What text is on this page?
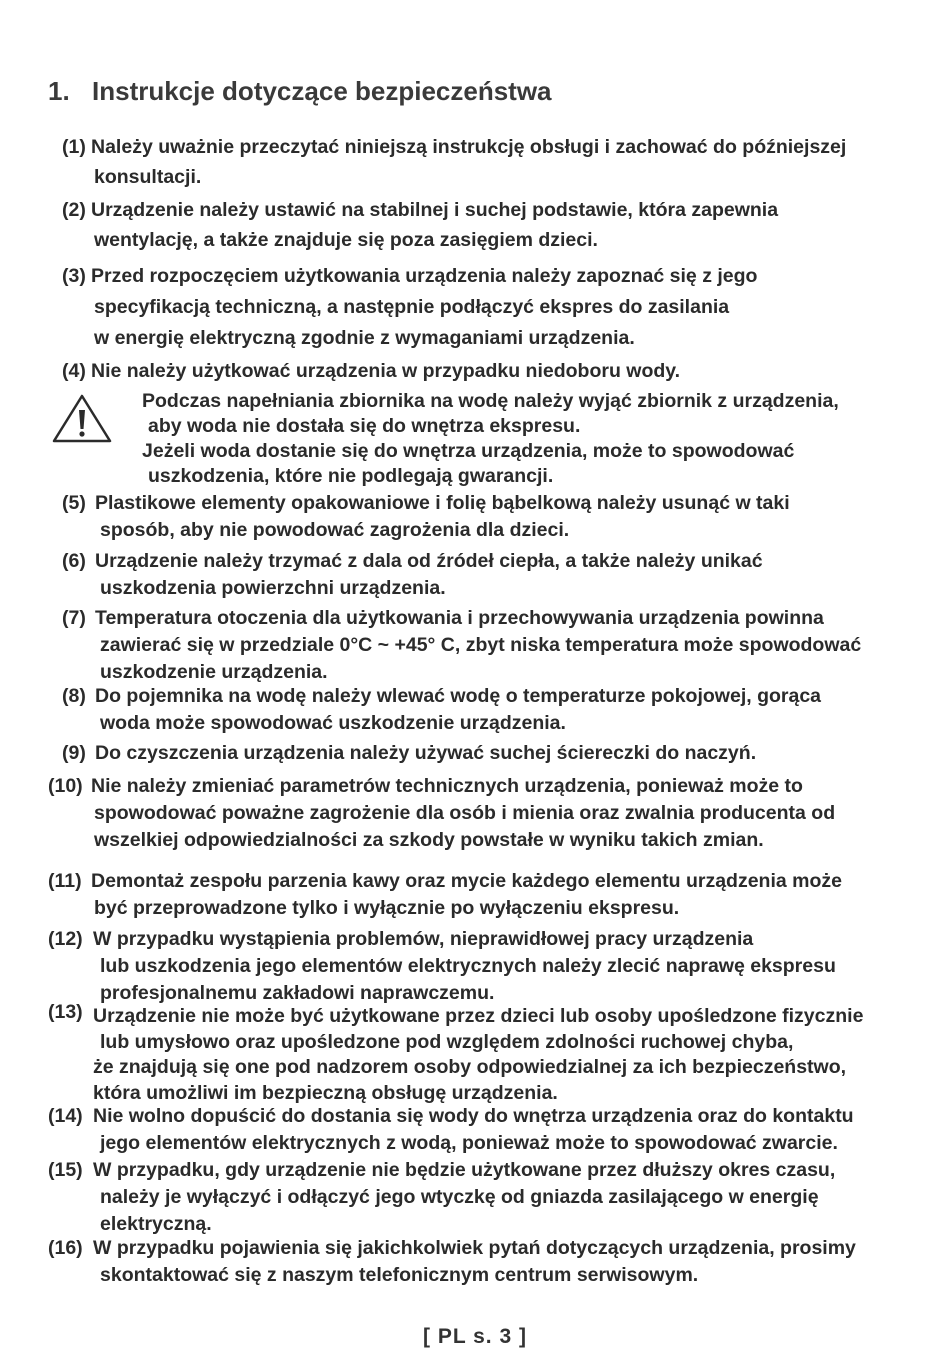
1. Instrukcje dotyczące bezpieczeństwa
(1) Należy uważnie przeczytać niniejszą instrukcję obsługi i zachować do późniejszej
konsultacji.
(2) Urządzenie należy ustawić na stabilnej i suchej podstawie, która zapewnia
wentylację, a także znajduje się poza zasięgiem dzieci.
(3) Przed rozpoczęciem użytkowania urządzenia należy zapoznać się z jego
specyfikacją techniczną, a następnie podłączyć ekspres do zasilania
w energię elektryczną zgodnie z wymaganiami urządzenia.
(4) Nie należy użytkować urządzenia w przypadku niedoboru wody.
Podczas napełniania zbiornika na wodę należy wyjąć zbiornik z urządzenia,
aby woda nie dostała się do wnętrza ekspresu.
Jeżeli woda dostanie się do wnętrza urządzenia, może to spowodować
uszkodzenia, które nie podlegają gwarancji.
(5) Plastikowe elementy opakowaniowe i folię bąbelkową należy usunąć w taki
sposób, aby nie powodować zagrożenia dla dzieci.
(6) Urządzenie należy trzymać z dala od źródeł ciepła, a także należy unikać
uszkodzenia powierzchni urządzenia.
(7) Temperatura otoczenia dla użytkowania i przechowywania urządzenia powinna
zawierać się w przedziale 0°C ~ +45° C, zbyt niska temperatura może spowodować
uszkodzenie urządzenia.
(8) Do pojemnika na wodę należy wlewać wodę o temperaturze pokojowej, gorąca
woda może spowodować uszkodzenie urządzenia.
(9) Do czyszczenia urządzenia należy używać suchej ściereczki do naczyń.
(10) Nie należy zmieniać parametrów technicznych urządzenia, ponieważ może to
spowodować poważne zagrożenie dla osób i mienia oraz zwalnia producenta od
wszelkiej odpowiedzialności za szkody powstałe w wyniku takich zmian.
(11) Demontaż zespołu parzenia kawy oraz mycie każdego elementu urządzenia może
być przeprowadzone tylko i wyłącznie po wyłączeniu ekspresu.
(12) W przypadku wystąpienia problemów, nieprawidłowej pracy urządzenia
lub uszkodzenia jego elementów elektrycznych należy zlecić naprawę ekspresu
profesjonalnemu zakładowi naprawczemu.
(13) Urządzenie nie może być użytkowane przez dzieci lub osoby upośledzone fizycznie
lub umysłowo oraz upośledzone pod względem zdolności ruchowej chyba,
że znajdują się one pod nadzorem osoby odpowiedzialnej za ich bezpieczeństwo,
która umożliwi im bezpieczną obsługę urządzenia.
(14) Nie wolno dopuścić do dostania się wody do wnętrza urządzenia oraz do kontaktu
jego elementów elektrycznych z wodą, ponieważ może to spowodować zwarcie.
(15) W przypadku, gdy urządzenie nie będzie użytkowane przez dłuższy okres czasu,
należy je wyłączyć i odłączyć jego wtyczkę od gniazda zasilającego w energię
elektryczną.
(16) W przypadku pojawienia się jakichkolwiek pytań dotyczących urządzenia, prosimy
skontaktować się z naszym telefonicznym centrum serwisowym.
[ PL s. 3 ]
